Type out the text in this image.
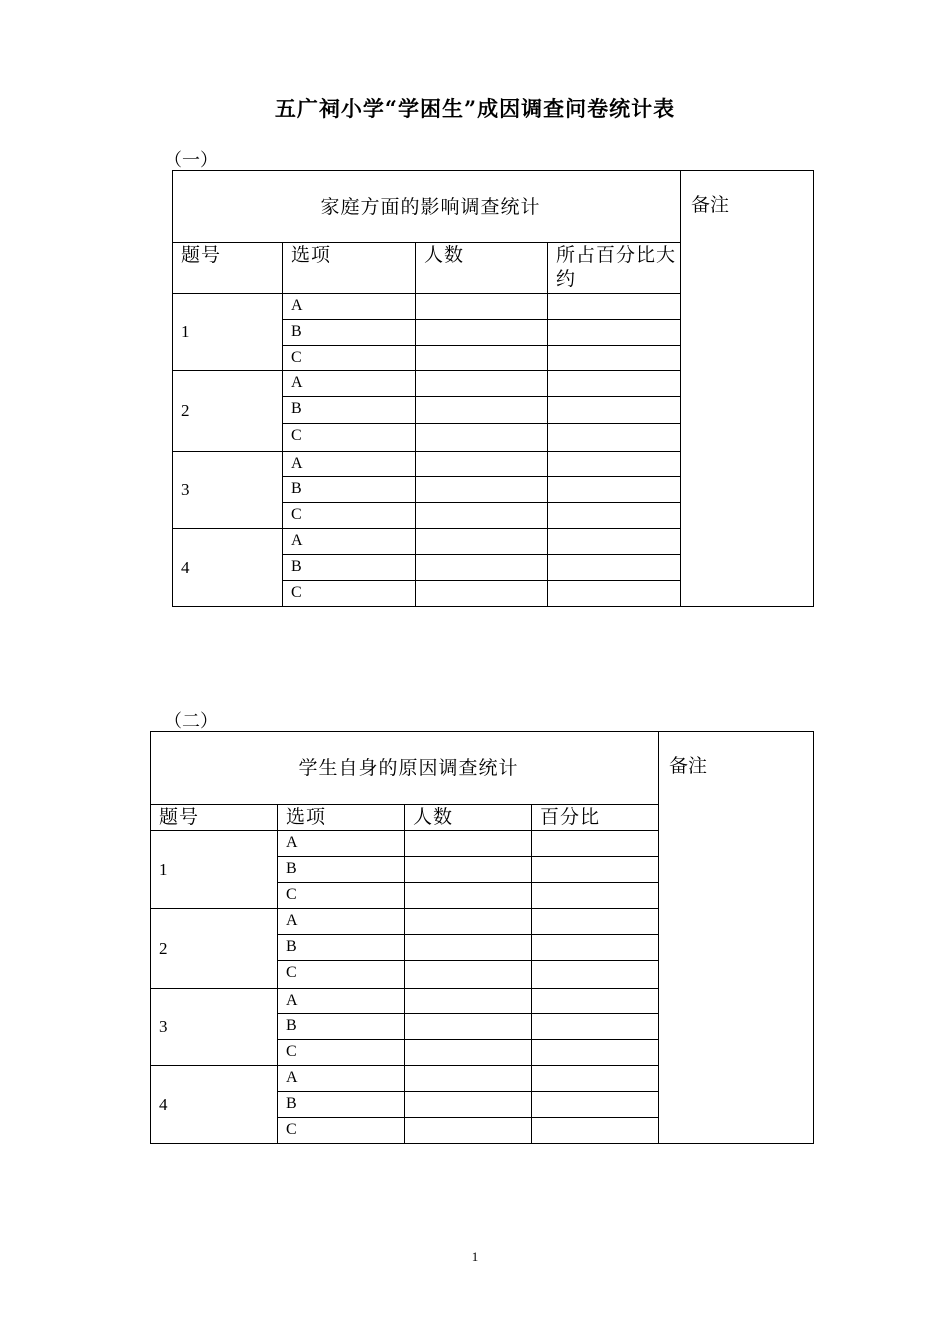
五广祠小学“学困生”成因调查问卷统计表
（一）
家庭方面的影响调查统计				备注
题号	选项	人数	所占百分比大约	
1	A			
	B			
	C			
2	A			
	B			
	C			
3	A			
	B			
	C			
4	A			
	B			
	C			
（二）
学生自身的原因调查统计				备注
题号	选项	人数	百分比	
1	A			
	B			
	C			
2	A			
	B			
	C			
3	A			
	B			
	C			
4	A			
	B			
	C			
1
